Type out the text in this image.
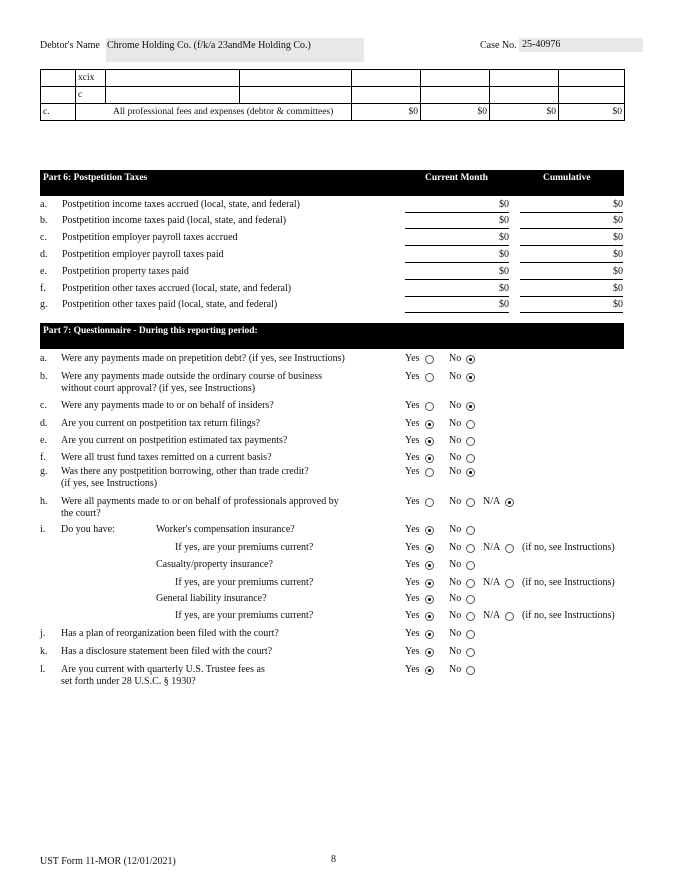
Debtor's Name Chrome Holding Co. (f/k/a 23andMe Holding Co.)	Case No. 25-40976
	xcix						
	c						
c.	All professional fees and expenses (debtor & committees)			$0	$0	$0	$0
Part 6: Postpetition Taxes	Current Month	Cumulative
a. Postpetition income taxes accrued (local, state, and federal)	$0	$0
b. Postpetition income taxes paid (local, state, and federal)	$0	$0
c. Postpetition employer payroll taxes accrued	$0	$0
d. Postpetition employer payroll taxes paid	$0	$0
e. Postpetition property taxes paid	$0	$0
f. Postpetition other taxes accrued (local, state, and federal)	$0	$0
g. Postpetition other taxes paid (local, state, and federal)	$0	$0
Part 7: Questionnaire - During this reporting period:
a. Were any payments made on prepetition debt? (if yes, see Instructions)	Yes	No
b. Were any payments made outside the ordinary course of business
without court approval? (if yes, see Instructions)
Yes	No
c. Were any payments made to or on behalf of insiders?	Yes	No
d. Are you current on postpetition tax return filings?	Yes	No
e. Are you current on postpetition estimated tax payments?	Yes	No
f. Were all trust fund taxes remitted on a current basis?	Yes	No
g. Was there any postpetition borrowing, other than trade credit?
(if yes, see Instructions)
Yes	No
h. Were all payments made to or on behalf of professionals approved by
the court?
Yes	No N/A
i. Do you have:	Worker's compensation insurance?	Yes	No
If yes, are your premiums current?	Yes	No N/A (if no, see Instructions)
Casualty/property insurance?	Yes	No
If yes, are your premiums current?	Yes	No N/A (if no, see Instructions)
General liability insurance?	Yes	No
If yes, are your premiums current?	Yes	No N/A (if no, see Instructions)
j. Has a plan of reorganization been filed with the court?	Yes	No
k. Has a disclosure statement been filed with the court?	Yes	No
l. Are you current with quarterly U.S. Trustee fees as
set forth under 28 U.S.C. § 1930?
Yes	No
UST Form 11-MOR (12/01/2021)	8
